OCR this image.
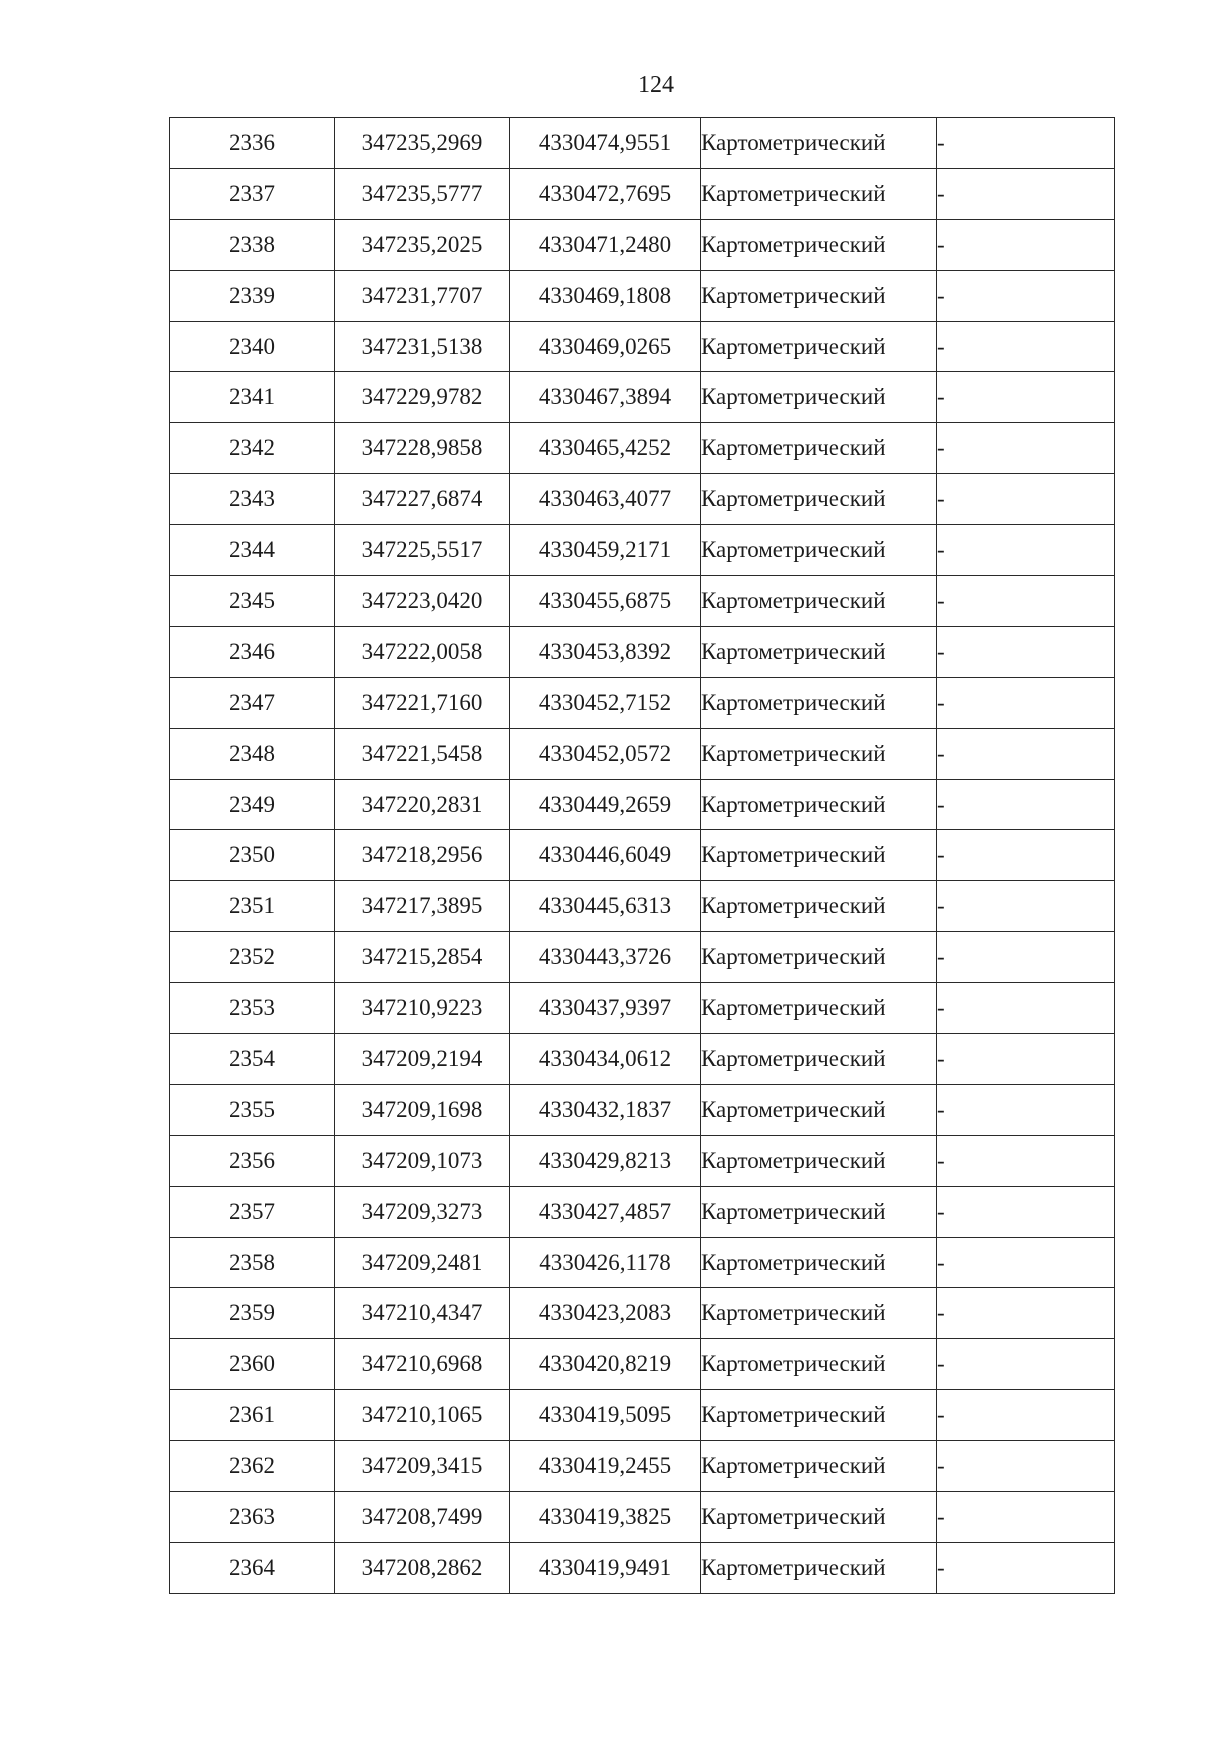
124
2336	347235,2969	4330474,9551	Картометрический	-
2337	347235,5777	4330472,7695	Картометрический	-
2338	347235,2025	4330471,2480	Картометрический	-
2339	347231,7707	4330469,1808	Картометрический	-
2340	347231,5138	4330469,0265	Картометрический	-
2341	347229,9782	4330467,3894	Картометрический	-
2342	347228,9858	4330465,4252	Картометрический	-
2343	347227,6874	4330463,4077	Картометрический	-
2344	347225,5517	4330459,2171	Картометрический	-
2345	347223,0420	4330455,6875	Картометрический	-
2346	347222,0058	4330453,8392	Картометрический	-
2347	347221,7160	4330452,7152	Картометрический	-
2348	347221,5458	4330452,0572	Картометрический	-
2349	347220,2831	4330449,2659	Картометрический	-
2350	347218,2956	4330446,6049	Картометрический	-
2351	347217,3895	4330445,6313	Картометрический	-
2352	347215,2854	4330443,3726	Картометрический	-
2353	347210,9223	4330437,9397	Картометрический	-
2354	347209,2194	4330434,0612	Картометрический	-
2355	347209,1698	4330432,1837	Картометрический	-
2356	347209,1073	4330429,8213	Картометрический	-
2357	347209,3273	4330427,4857	Картометрический	-
2358	347209,2481	4330426,1178	Картометрический	-
2359	347210,4347	4330423,2083	Картометрический	-
2360	347210,6968	4330420,8219	Картометрический	-
2361	347210,1065	4330419,5095	Картометрический	-
2362	347209,3415	4330419,2455	Картометрический	-
2363	347208,7499	4330419,3825	Картометрический	-
2364	347208,2862	4330419,9491	Картометрический	-
